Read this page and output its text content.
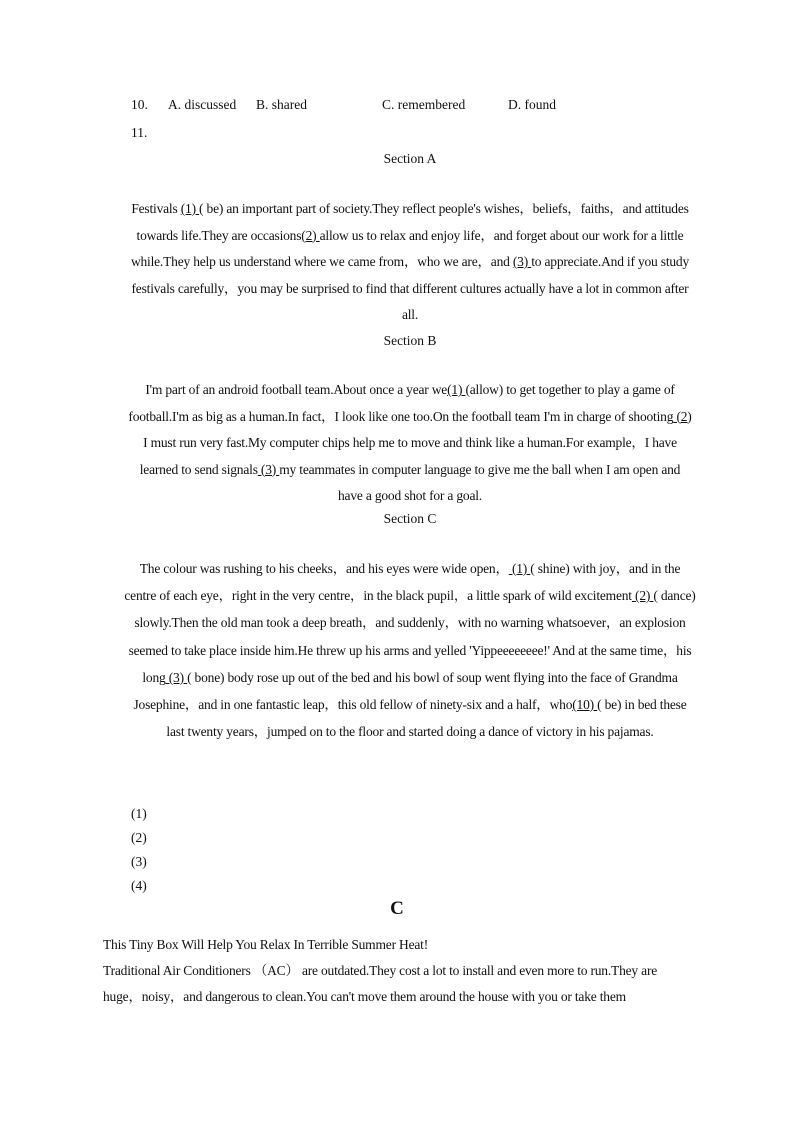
10. A. discussed B. shared	C. remembered	D. found
11.
Section A
Festivals (1) ( be) an important part of society.They reflect people's wishes，beliefs，faiths，and attitudes towards life.They are occasions(2) allow us to relax and enjoy life，and forget about our work for a little while.They help us understand where we came from，who we are，and (3) to appreciate.And if you study festivals carefully，you may be surprised to find that different cultures actually have a lot in common after all.
Section B
I'm part of an android football team.About once a year we(1) (allow) to get together to play a game of football.I'm as big as a human.In fact，I look like one too.On the football team I'm in charge of shooting (2) I must run very fast.My computer chips help me to move and think like a human.For example，I have learned to send signals (3) my teammates in computer language to give me the ball when I am open and have a good shot for a goal.
Section C
The colour was rushing to his cheeks，and his eyes were wide open， (1) ( shine) with joy，and in the centre of each eye，right in the very centre，in the black pupil，a little spark of wild excitement (2) ( dance) slowly.Then the old man took a deep breath，and suddenly，with no warning whatsoever，an explosion seemed to take place inside him.He threw up his arms and yelled 'Yippeeeeeeee!' And at the same time，his long (3) ( bone) body rose up out of the bed and his bowl of soup went flying into the face of Grandma Josephine，and in one fantastic leap，this old fellow of ninety-six and a half，who(10) ( be) in bed these last twenty years，jumped on to the floor and started doing a dance of victory in his pajamas.
(1)
(2)
(3)
(4)
C
This Tiny Box Will Help You Relax In Terrible Summer Heat!
Traditional Air Conditioners （AC） are outdated.They cost a lot to install and even more to run.They are huge，noisy，and dangerous to clean.You can't move them around the house with you or take them
